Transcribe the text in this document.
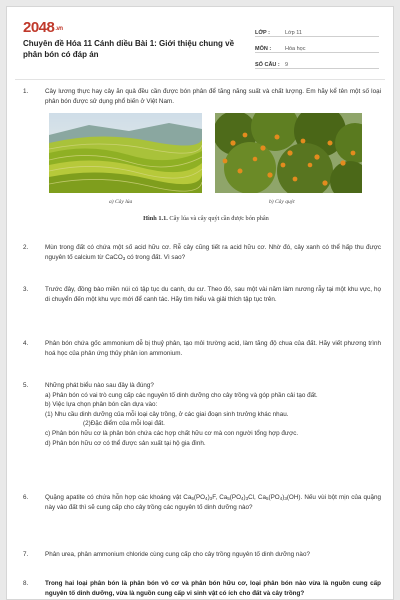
2048.vn
Chuyên đề Hóa 11 Cánh diều Bài 1: Giới thiệu chung về phân bón có đáp án
LỚP :	Lớp 11
MÔN :	Hóa học
SỐ CÂU : 9
1.	Cây lương thực hay cây ăn quả đều cần được bón phân để tăng năng suất và chất lượng. Em hãy kể tên một số loại phân bón được sử dụng phổ biến ở Việt Nam.
a) Cây lúa	b) Cây quýt
Hình 1.1. Cây lúa và cây quýt cần được bón phân
2.	Mùn trong đất có chứa một số acid hữu cơ. Rễ cây cũng tiết ra acid hữu cơ. Nhờ đó, cây xanh có thể hấp thu được nguyên tố calcium từ CaCO$_3$ có trong đất. Vì sao?
3.	Trước đây, đồng bào miền núi có tập tục du canh, du cư. Theo đó, sau một vài năm làm nương rẫy tại một khu vực, họ di chuyển đến một khu vực mới để canh tác. Hãy tìm hiểu và giải thích tập tục trên.
4.	Phân bón chứa gốc ammonium dễ bị thuỷ phân, tạo môi trường acid, làm tăng độ chua của đất. Hãy viết phương trình hoá học của phản ứng thủy phân ion ammonium.
5.	Những phát biểu nào sau đây là đúng?
a) Phân bón có vai trò cung cấp các nguyên tố dinh dưỡng cho cây trồng và góp phần cải tạo đất.
b) Việc lựa chọn phân bón cần dựa vào:
(1) Nhu cầu dinh dưỡng của mỗi loại cây trồng, ở các giai đoạn sinh trưởng khác nhau.
(2)Đặc điểm của mỗi loại đất.
c) Phân bón hữu cơ là phân bón chứa các hợp chất hữu cơ mà con người tổng hợp được.
d) Phân bón hữu cơ có thể được sản xuất tại hộ gia đình.
6.	Quặng apatite có chứa hỗn hợp các khoáng vật $Ca_5(PO_4)_3F$, $Ca_5(PO_4)_3Cl$, $Ca_5(PO_4)_3(OH)$. Nếu vùi bột mịn của quặng này vào đất thì sẽ cung cấp cho cây trồng các nguyên tố dinh dưỡng nào?
7.	Phân urea, phân ammonium chloride cùng cung cấp cho cây trồng nguyên tố dinh dưỡng nào?
8.	Trong hai loại phân bón là phân bón vô cơ và phân bón hữu cơ, loại phân bón nào vừa là nguồn cung cấp nguyên tố dinh dưỡng, vừa là nguồn cung cấp vi sinh vật có ích cho đất và cây trồng?
